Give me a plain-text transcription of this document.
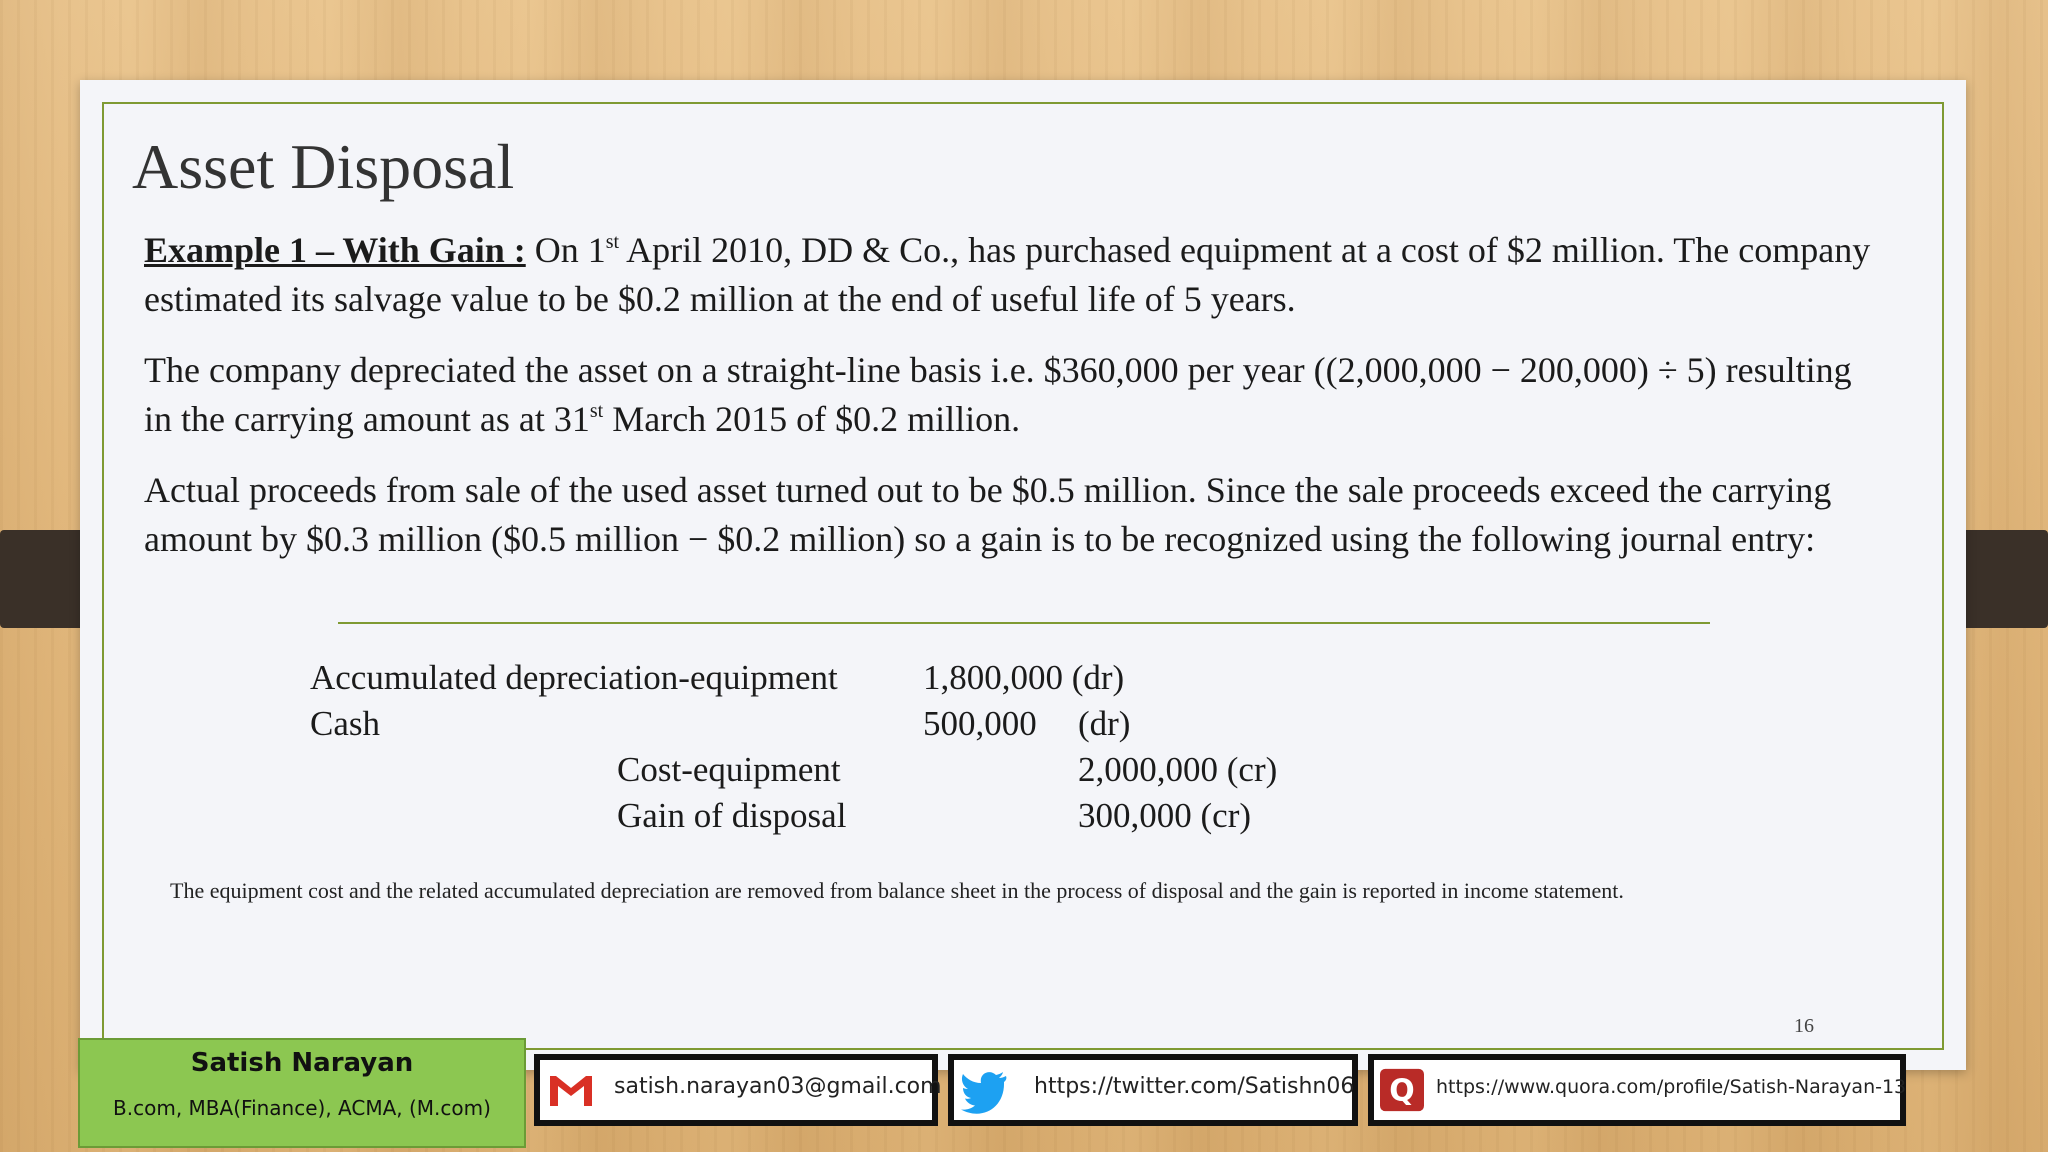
Asset Disposal

Example 1 – With Gain : On 1st April 2010, DD & Co., has purchased equipment at a cost of $2 million. The company estimated its salvage value to be $0.2 million at the end of useful life of 5 years.

The company depreciated the asset on a straight-line basis i.e. $360,000 per year ((2,000,000 − 200,000) ÷ 5) resulting in the carrying amount as at 31st March 2015 of $0.2 million.

Actual proceeds from sale of the used asset turned out to be $0.5 million. Since the sale proceeds exceed the carrying amount by $0.3 million ($0.5 million − $0.2 million) so a gain is to be recognized using the following journal entry:

Accumulated depreciation-equipment 1,800,000 (dr)
Cash	500,000 (dr)
Cost-equipment	2,000,000 (cr)
Gain of disposal	300,000 (cr)
The equipment cost and the related accumulated depreciation are removed from balance sheet in the process of disposal and the gain is reported in income statement.
16
Satish Narayan
B.com, MBA(Finance), ACMA, (M.com)
satish.narayan03@gmail.com	https://twitter.com/Satishn06 Q https://www.quora.com/profile/Satish-Narayan-13
